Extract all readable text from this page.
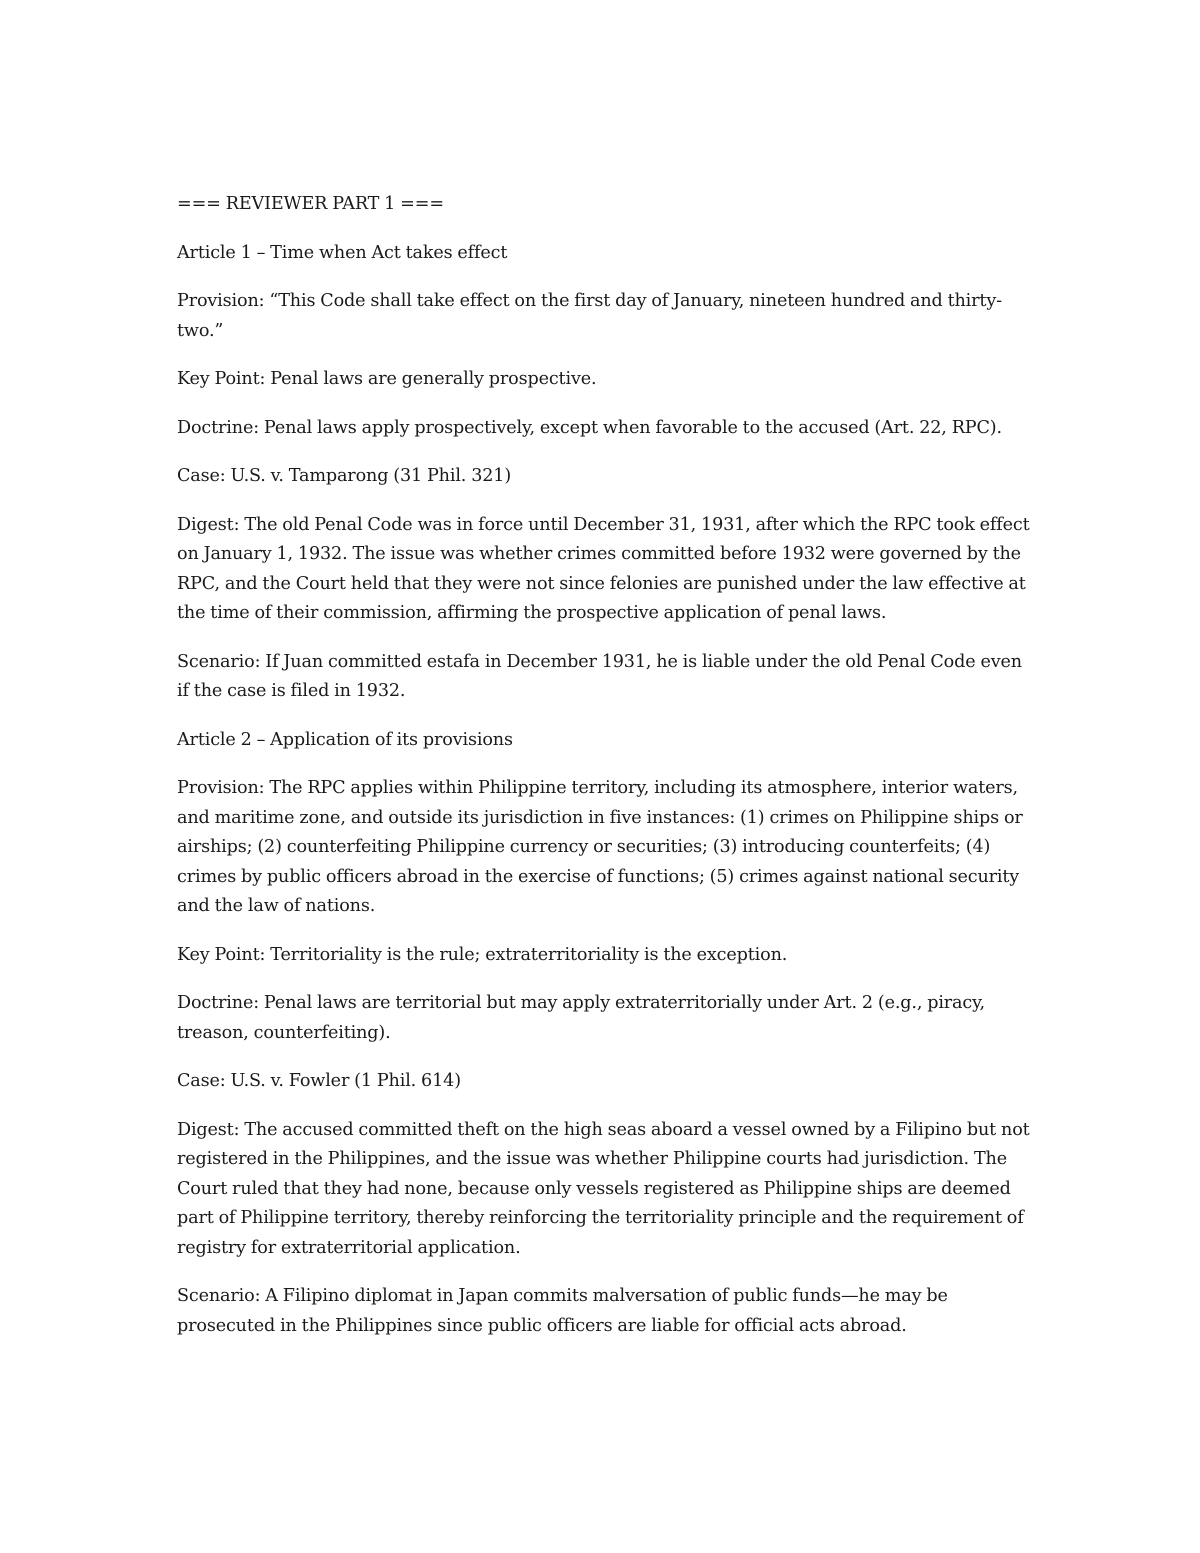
=== REVIEWER PART 1 ===

Article 1 – Time when Act takes effect

Provision: “This Code shall take effect on the first day of January, nineteen hundred and thirty-two.”

Key Point: Penal laws are generally prospective.

Doctrine: Penal laws apply prospectively, except when favorable to the accused (Art. 22, RPC).

Case: U.S. v. Tamparong (31 Phil. 321)

Digest: The old Penal Code was in force until December 31, 1931, after which the RPC took effect on January 1, 1932. The issue was whether crimes committed before 1932 were governed by the RPC, and the Court held that they were not since felonies are punished under the law effective at the time of their commission, affirming the prospective application of penal laws.

Scenario: If Juan committed estafa in December 1931, he is liable under the old Penal Code even if the case is filed in 1932.

Article 2 – Application of its provisions

Provision: The RPC applies within Philippine territory, including its atmosphere, interior waters, and maritime zone, and outside its jurisdiction in five instances: (1) crimes on Philippine ships or airships; (2) counterfeiting Philippine currency or securities; (3) introducing counterfeits; (4) crimes by public officers abroad in the exercise of functions; (5) crimes against national security and the law of nations.

Key Point: Territoriality is the rule; extraterritoriality is the exception.

Doctrine: Penal laws are territorial but may apply extraterritorially under Art. 2 (e.g., piracy, treason, counterfeiting).

Case: U.S. v. Fowler (1 Phil. 614)

Digest: The accused committed theft on the high seas aboard a vessel owned by a Filipino but not registered in the Philippines, and the issue was whether Philippine courts had jurisdiction. The Court ruled that they had none, because only vessels registered as Philippine ships are deemed part of Philippine territory, thereby reinforcing the territoriality principle and the requirement of registry for extraterritorial application.

Scenario: A Filipino diplomat in Japan commits malversation of public funds—he may be prosecuted in the Philippines since public officers are liable for official acts abroad.
